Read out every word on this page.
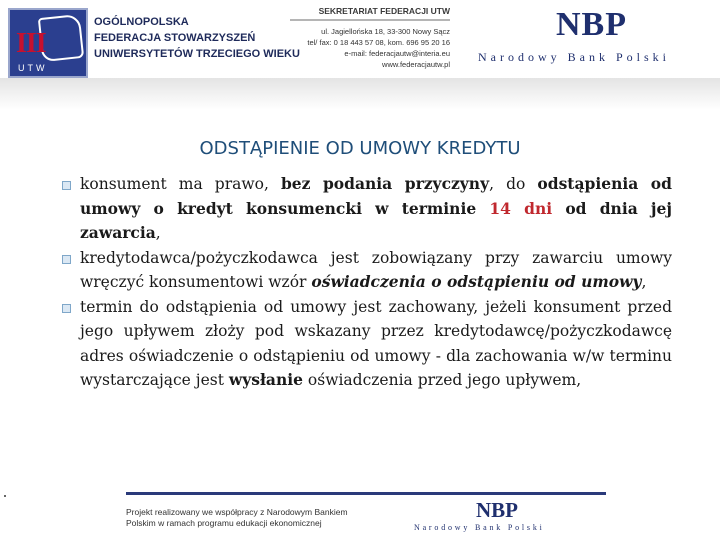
III
UTW
OGÓLNOPOLSKA
FEDERACJA STOWARZYSZEŃ
UNIWERSYTETÓW TRZECIEGO WIEKU
SEKRETARIAT FEDERACJI UTW
ul. Jagiellońska 18, 33-300 Nowy Sącz
tel/ fax: 0 18 443 57 08, kom. 696 95 20 16
e-mail: federacjautw@interia.eu
www.federacjautw.pl
NBP
Narodowy Bank Polski
ODSTĄPIENIE OD UMOWY KREDYTU

konsument ma prawo, bez podania przyczyny, do odstąpienia od umowy o kredyt konsumencki w terminie 14 dni od dnia jej zawarcia,

kredytodawca/pożyczkodawca jest zobowiązany przy zawarciu umowy wręczyć konsumentowi wzór oświadczenia o odstąpieniu od umowy,

termin do odstąpienia od umowy jest zachowany, jeżeli konsument przed jego upływem złoży pod wskazany przez kredytodawcę/pożyczkodawcę adres oświadczenie o odstąpieniu od umowy - dla zachowania w/w terminu wystarczające jest wysłanie oświadczenia przed jego upływem,

Projekt realizowany we współpracy z Narodowym Bankiem
Polskim w ramach programu edukacji ekonomicznej
NBP
Narodowy Bank Polski
